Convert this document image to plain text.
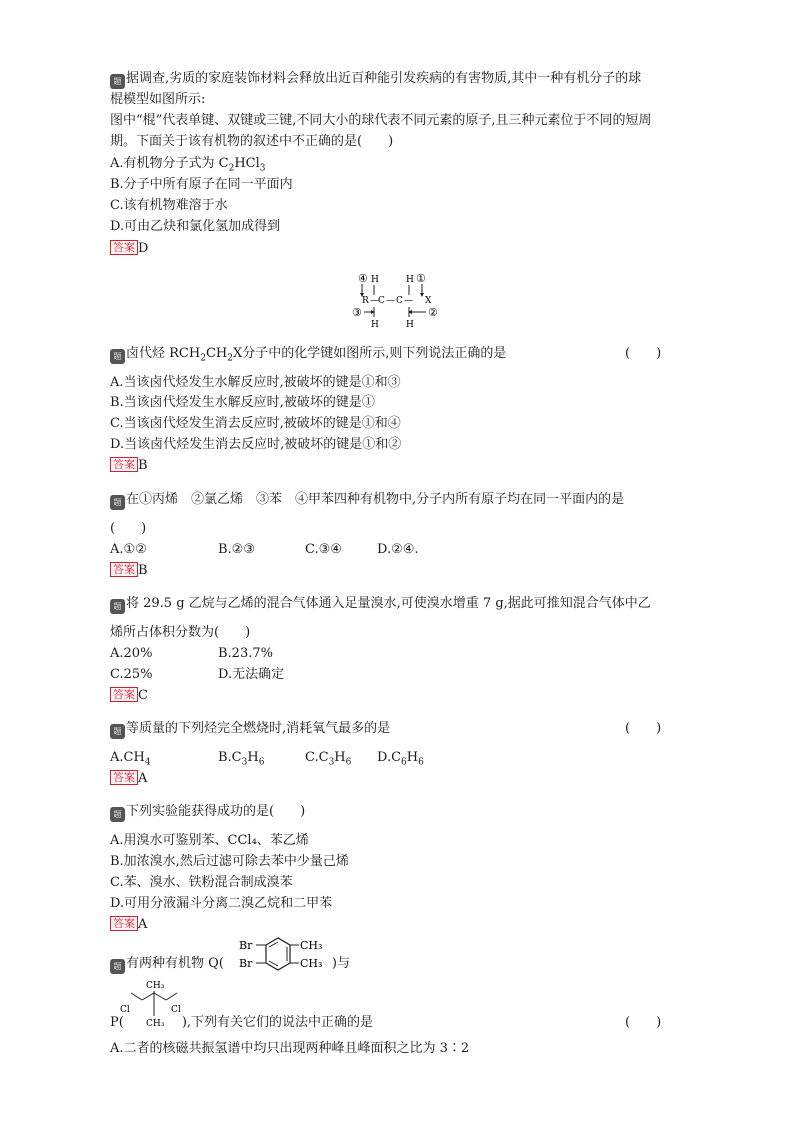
题 据调查,劣质的家庭装饰材料会释放出近百种能引发疾病的有害物质,其中一种有机分子的球
棍模型如图所示:
图中“棍”代表单键、双键或三键,不同大小的球代表不同元素的原子,且三种元素位于不同的短周
期。下面关于该有机物的叙述中不正确的是(　　)
A.有机物分子式为 $C_2HCl_3$
B.分子中所有原子在同一平面内
C.该有机物难溶于水
D.可由乙炔和氯化氢加成得到
答案 D
④ H	H ①
R — C — C — X
③	②
H	H
题 卤代烃 $RCH_2CH_2X$分子中的化学键如图所示,则下列说法正确的是	(　　)
A.当该卤代烃发生水解反应时,被破坏的键是①和③
B.当该卤代烃发生水解反应时,被破坏的键是①
C.当该卤代烃发生消去反应时,被破坏的键是①和④
D.当该卤代烃发生消去反应时,被破坏的键是①和②
答案 B
题 在①丙烯　②氯乙烯　③苯　④甲苯四种有机物中,分子内所有原子均在同一平面内的是
(　　)
A.①②	B.②③	C.③④	D.②④.
答案 B
题 将 29.5 g 乙烷与乙烯的混合气体通入足量溴水,可使溴水增重 7 g,据此可推知混合气体中乙
烯所占体积分数为(　　)
A.20%	B.23.7%
C.25%	D.无法确定
答案 C
题 等质量的下列烃完全燃烧时,消耗氧气最多的是	(　　)
$A.CH_4$	$B.C_3H_6$	$C.C_3H_6$ $D.C_6H_6$
答案 A
题 下列实验能获得成功的是(　　)
A.用溴水可鉴别苯、CCl₄、苯乙烯
B.加浓溴水,然后过滤可除去苯中少量己烯
C.苯、溴水、铁粉混合制成溴苯
D.可用分液漏斗分离二溴乙烷和二甲苯
答案 A
题 有两种有机物 Q(	)与
Br
Br
CH₃
CH₃
CH₃
Cl	Cl
CH₃
P(	),下列有关它们的说法中正确的是	(　　)
A.二者的核磁共振氢谱中均只出现两种峰且峰面积之比为 3∶2
